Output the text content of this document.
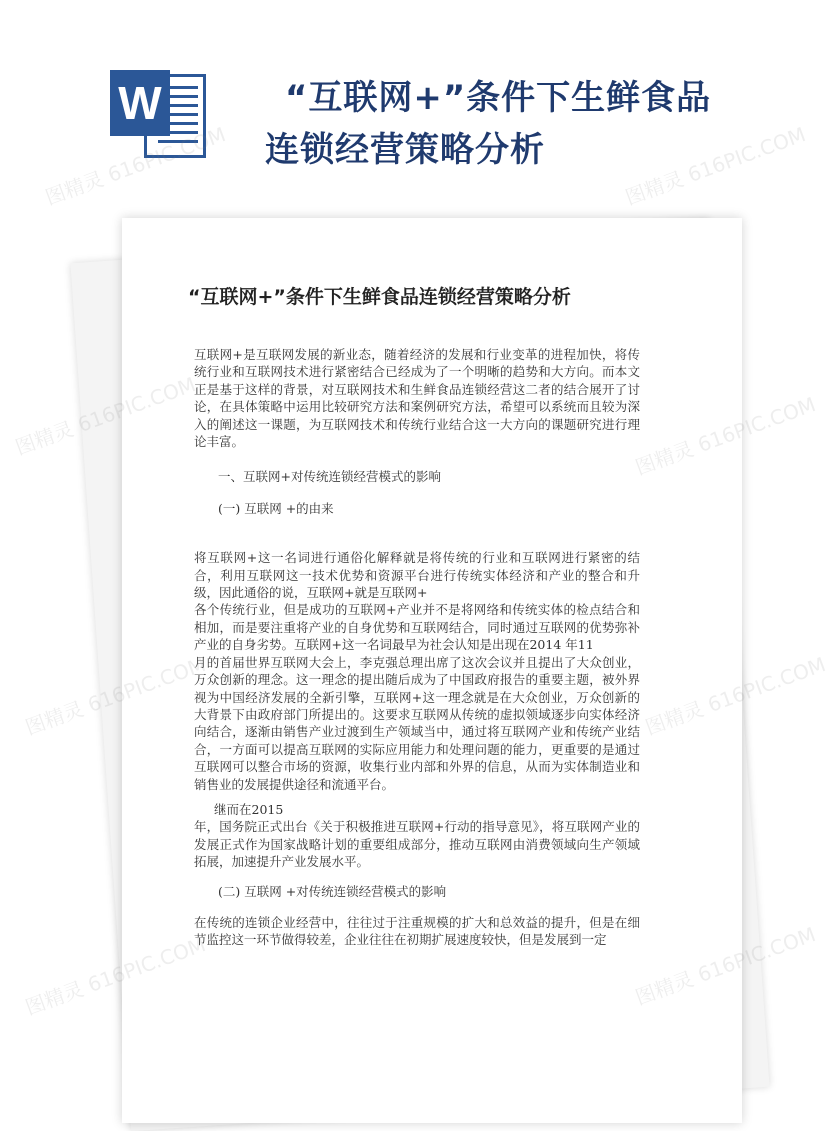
W	“互联网+”条件下生鲜食品
连锁经营策略分析
“互联网+”条件下生鲜食品连锁经营策略分析

互联网+是互联网发展的新业态，随着经济的发展和行业变革的进程加快，将传统行业和互联网技术进行紧密结合已经成为了一个明晰的趋势和大方向。而本文正是基于这样的背景，对互联网技术和生鲜食品连锁经营这二者的结合展开了讨论，在具体策略中运用比较研究方法和案例研究方法，希望可以系统而且较为深入的阐述这一课题，为互联网技术和传统行业结合这一大方向的课题研究进行理论丰富。

一、互联网+对传统连锁经营模式的影响

(一) 互联网 +的由来

将互联网+这一名词进行通俗化解释就是将传统的行业和互联网进行紧密的结合，利用互联网这一技术优势和资源平台进行传统实体经济和产业的整合和升级，因此通俗的说，互联网+就是互联网+

各个传统行业，但是成功的互联网+产业并不是将网络和传统实体的检点结合和相加，而是要注重将产业的自身优势和互联网结合，同时通过互联网的优势弥补产业的自身劣势。互联网+这一名词最早为社会认知是出现在2014 年11

月的首届世界互联网大会上，李克强总理出席了这次会议并且提出了大众创业，万众创新的理念。这一理念的提出随后成为了中国政府报告的重要主题，被外界视为中国经济发展的全新引擎，互联网+这一理念就是在大众创业，万众创新的大背景下由政府部门所提出的。这要求互联网从传统的虚拟领域逐步向实体经济向结合，逐渐由销售产业过渡到生产领域当中，通过将互联网产业和传统产业结合，一方面可以提高互联网的实际应用能力和处理问题的能力，更重要的是通过互联网可以整合市场的资源，收集行业内部和外界的信息，从而为实体制造业和销售业的发展提供途径和流通平台。

继而在2015

年，国务院正式出台《关于积极推进互联网+行动的指导意见》，将互联网产业的发展正式作为国家战略计划的重要组成部分，推动互联网由消费领域向生产领域拓展，加速提升产业发展水平。

(二) 互联网 +对传统连锁经营模式的影响

在传统的连锁企业经营中，往往过于注重规模的扩大和总效益的提升，但是在细节监控这一环节做得较差，企业往往在初期扩展速度较快，但是发展到一定

图精灵 616PIC.COM	图精灵 616PIC.COM
图精灵	616PIC.COM
图精灵
616PIC.COM
图精灵 616PIC.COM
